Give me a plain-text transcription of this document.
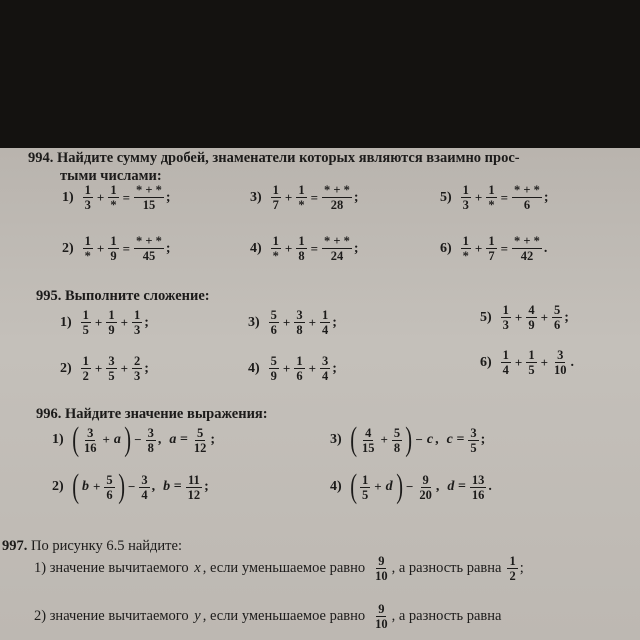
994. Найдите сумму дробей, знаменатели которых являются взаимно прос-
тыми числами:
$1) \frac{1}{3} + \frac{1}{*} = \frac{* + *}{15}$ ;	$3) \frac{1}{7} + \frac{1}{*} = \frac{* + *}{28}$ ;	$5) \frac{1}{3} + \frac{1}{*} = \frac{* + *}{6}$ ;
$2) \frac{1}{*} + \frac{1}{9} = \frac{* + *}{45}$ ;	$4) \frac{1}{*} + \frac{1}{8} = \frac{* + *}{24}$ ;	$6) \frac{1}{*} + \frac{1}{7} = \frac{* + *}{42}$ .
995. Выполните сложение:
$1) \frac{1}{5} + \frac{1}{9} + \frac{1}{3}$ ;	$3) \frac{5}{6} + \frac{3}{8} + \frac{1}{4}$ ;	$5) \frac{1}{3} + \frac{4}{9} + \frac{5}{6}$ ;
$2) \frac{1}{2} + \frac{3}{5} + \frac{2}{3}$ ;	$4) \frac{5}{9} + \frac{1}{6} + \frac{3}{4}$ ;	$6) \frac{1}{4} + \frac{1}{5} + \frac{3}{10}$ .
996. Найдите значение выражения:
1) ( $\frac{3}{16} + a$ ) − $\frac{3}{8}$ , $a = \frac{5}{12}$ ;	3) ( $\frac{4}{15} + \frac{5}{8}$ ) − c , $c = \frac{3}{5}$ ;
2) ( $b + \frac{5}{6}$ ) − $\frac{3}{4}$ , $b = \frac{11}{12}$ ;	4) ( $\frac{1}{5} + d$ ) − $\frac{9}{20}$ , $d = \frac{13}{16}$ .
997. По рисунку 6.5 найдите:
1) значение вычитаемого
x , если уменьшаемое равно $\frac{9}{10}$ , а разность равна $\frac{1}{2}$ ;
2) значение вычитаемого
y , если уменьшаемое равно $\frac{9}{10}$ , а разность равна
